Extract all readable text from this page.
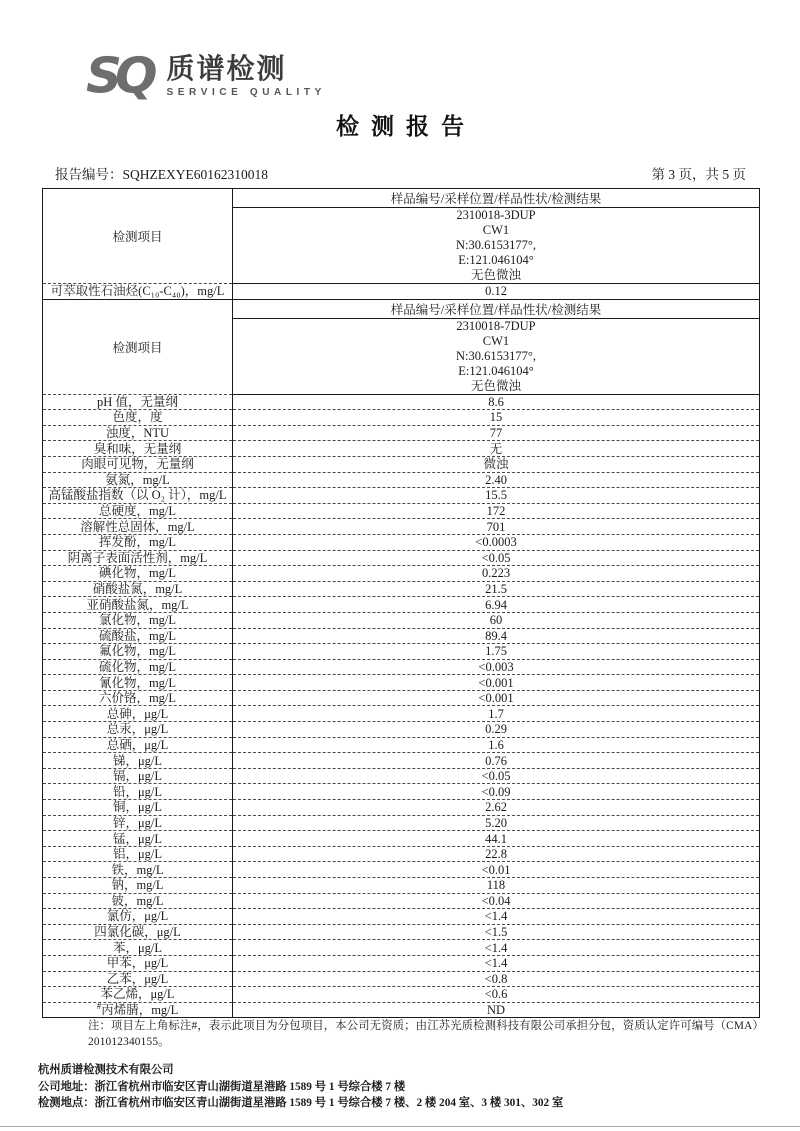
SQ 质谱检测
SERVICE QUALITY
检测报告
报告编号：SQHZEXYE60162310018	第 3 页，共 5 页
检测项目	样品编号/采样位置/样品性状/检测结果

	2310018-3DUP
CW1
N:30.6153177°,
E:121.046104°
无色微浊

可萃取性石油烃(C₁₀-C₄₀)，mg/L	0.12
检测项目	样品编号/采样位置/样品性状/检测结果

	2310018-7DUP
CW1
N:30.6153177°,
E:121.046104°
无色微浊

pH 值，无量纲	8.6
色度，度	15
浊度，NTU	77
臭和味，无量纲	无
肉眼可见物，无量纲	微浊
氨氮，mg/L	2.40
高锰酸盐指数（以 O₂ 计），mg/L	15.5
总硬度，mg/L	172
溶解性总固体，mg/L	701
挥发酚，mg/L	<0.0003
阴离子表面活性剂，mg/L	<0.05
碘化物，mg/L	0.223
硝酸盐氮，mg/L	21.5
亚硝酸盐氮，mg/L	6.94
氯化物，mg/L	60
硫酸盐，mg/L	89.4
氟化物，mg/L	1.75
硫化物，mg/L	<0.003
氰化物，mg/L	<0.001
六价铬，mg/L	<0.001
总砷，μg/L	1.7
总汞，μg/L	0.29
总硒，μg/L	1.6
锑，μg/L	0.76
镉，μg/L	<0.05
铅，μg/L	<0.09
铜，μg/L	2.62
锌，μg/L	5.20
锰，μg/L	44.1
铝，μg/L	22.8
铁，mg/L	<0.01
钠，mg/L	118
铍，mg/L	<0.04
氯仿，μg/L	<1.4
四氯化碳，μg/L	<1.5
苯，μg/L	<1.4
甲苯，μg/L	<1.4
乙苯，μg/L	<0.8
苯乙烯，μg/L	<0.6
#丙烯腈，mg/L	ND
注：项目左上角标注#，表示此项目为分包项目，本公司无资质；由江苏光质检测科技有限公司承担分包，资质认定许可编号（CMA）201012340155。
杭州质谱检测技术有限公司
公司地址：浙江省杭州市临安区青山湖街道星港路 1589 号 1 号综合楼 7 楼
检测地点：浙江省杭州市临安区青山湖街道星港路 1589 号 1 号综合楼 7 楼、2 楼 204 室、3 楼 301、302 室
